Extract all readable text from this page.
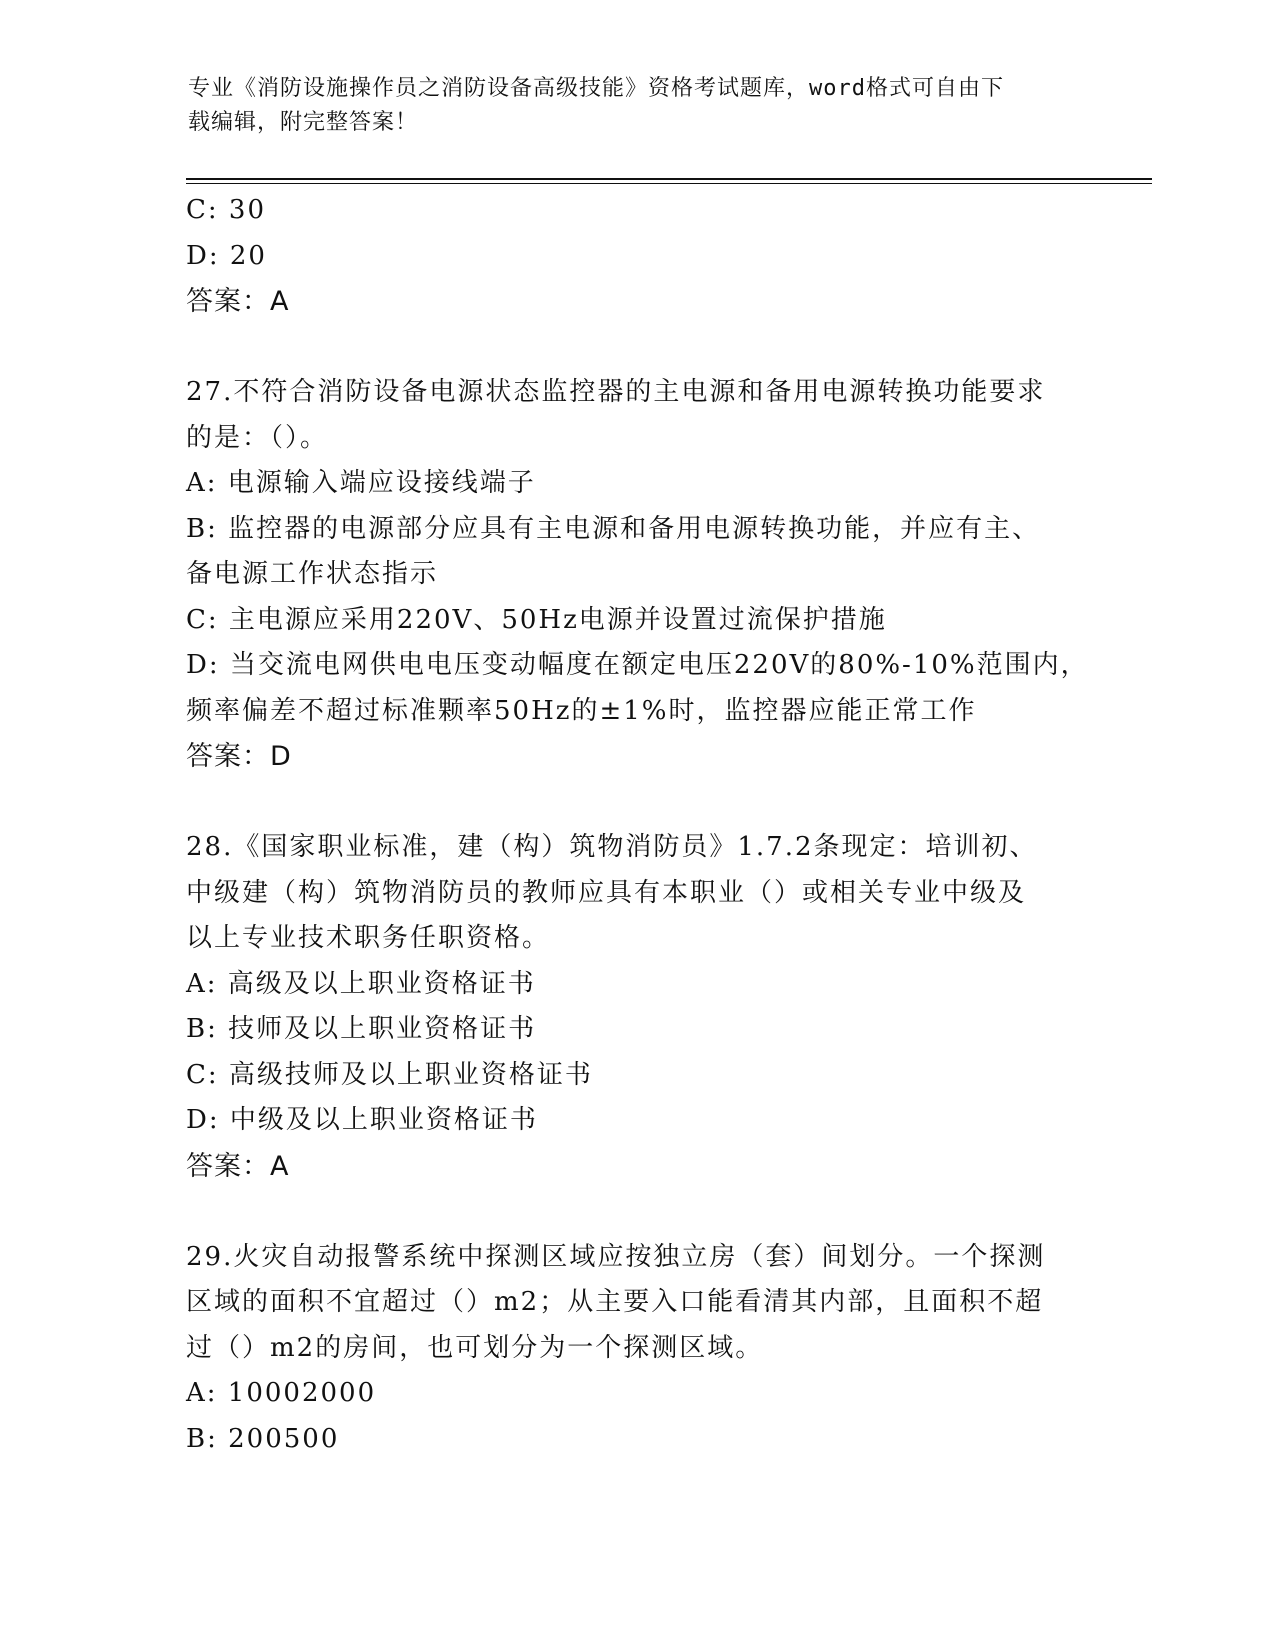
专业《消防设施操作员之消防设备高级技能》资格考试题库，word格式可自由下
载编辑，附完整答案！
C: 30
D: 20
答案：A
27.不符合消防设备电源状态监控器的主电源和备用电源转换功能要求
的是：（）。
A: 电源输入端应设接线端子
B: 监控器的电源部分应具有主电源和备用电源转换功能，并应有主、
备电源工作状态指示
C: 主电源应采用220V、50Hz电源并设置过流保护措施
D: 当交流电网供电电压变动幅度在额定电压220V的80%-10%范围内，
频率偏差不超过标准颗率50Hz的±1%时，监控器应能正常工作
答案：D
28.《国家职业标准，建（构）筑物消防员》1.7.2条现定：培训初、
中级建（构）筑物消防员的教师应具有本职业（）或相关专业中级及
以上专业技术职务任职资格。
A: 高级及以上职业资格证书
B: 技师及以上职业资格证书
C: 高级技师及以上职业资格证书
D: 中级及以上职业资格证书
答案：A
29.火灾自动报警系统中探测区域应按独立房（套）间划分。一个探测
区域的面积不宜超过（）m2；从主要入口能看清其内部，且面积不超
过（）m2的房间，也可划分为一个探测区域。
A: 10002000
B: 200500
